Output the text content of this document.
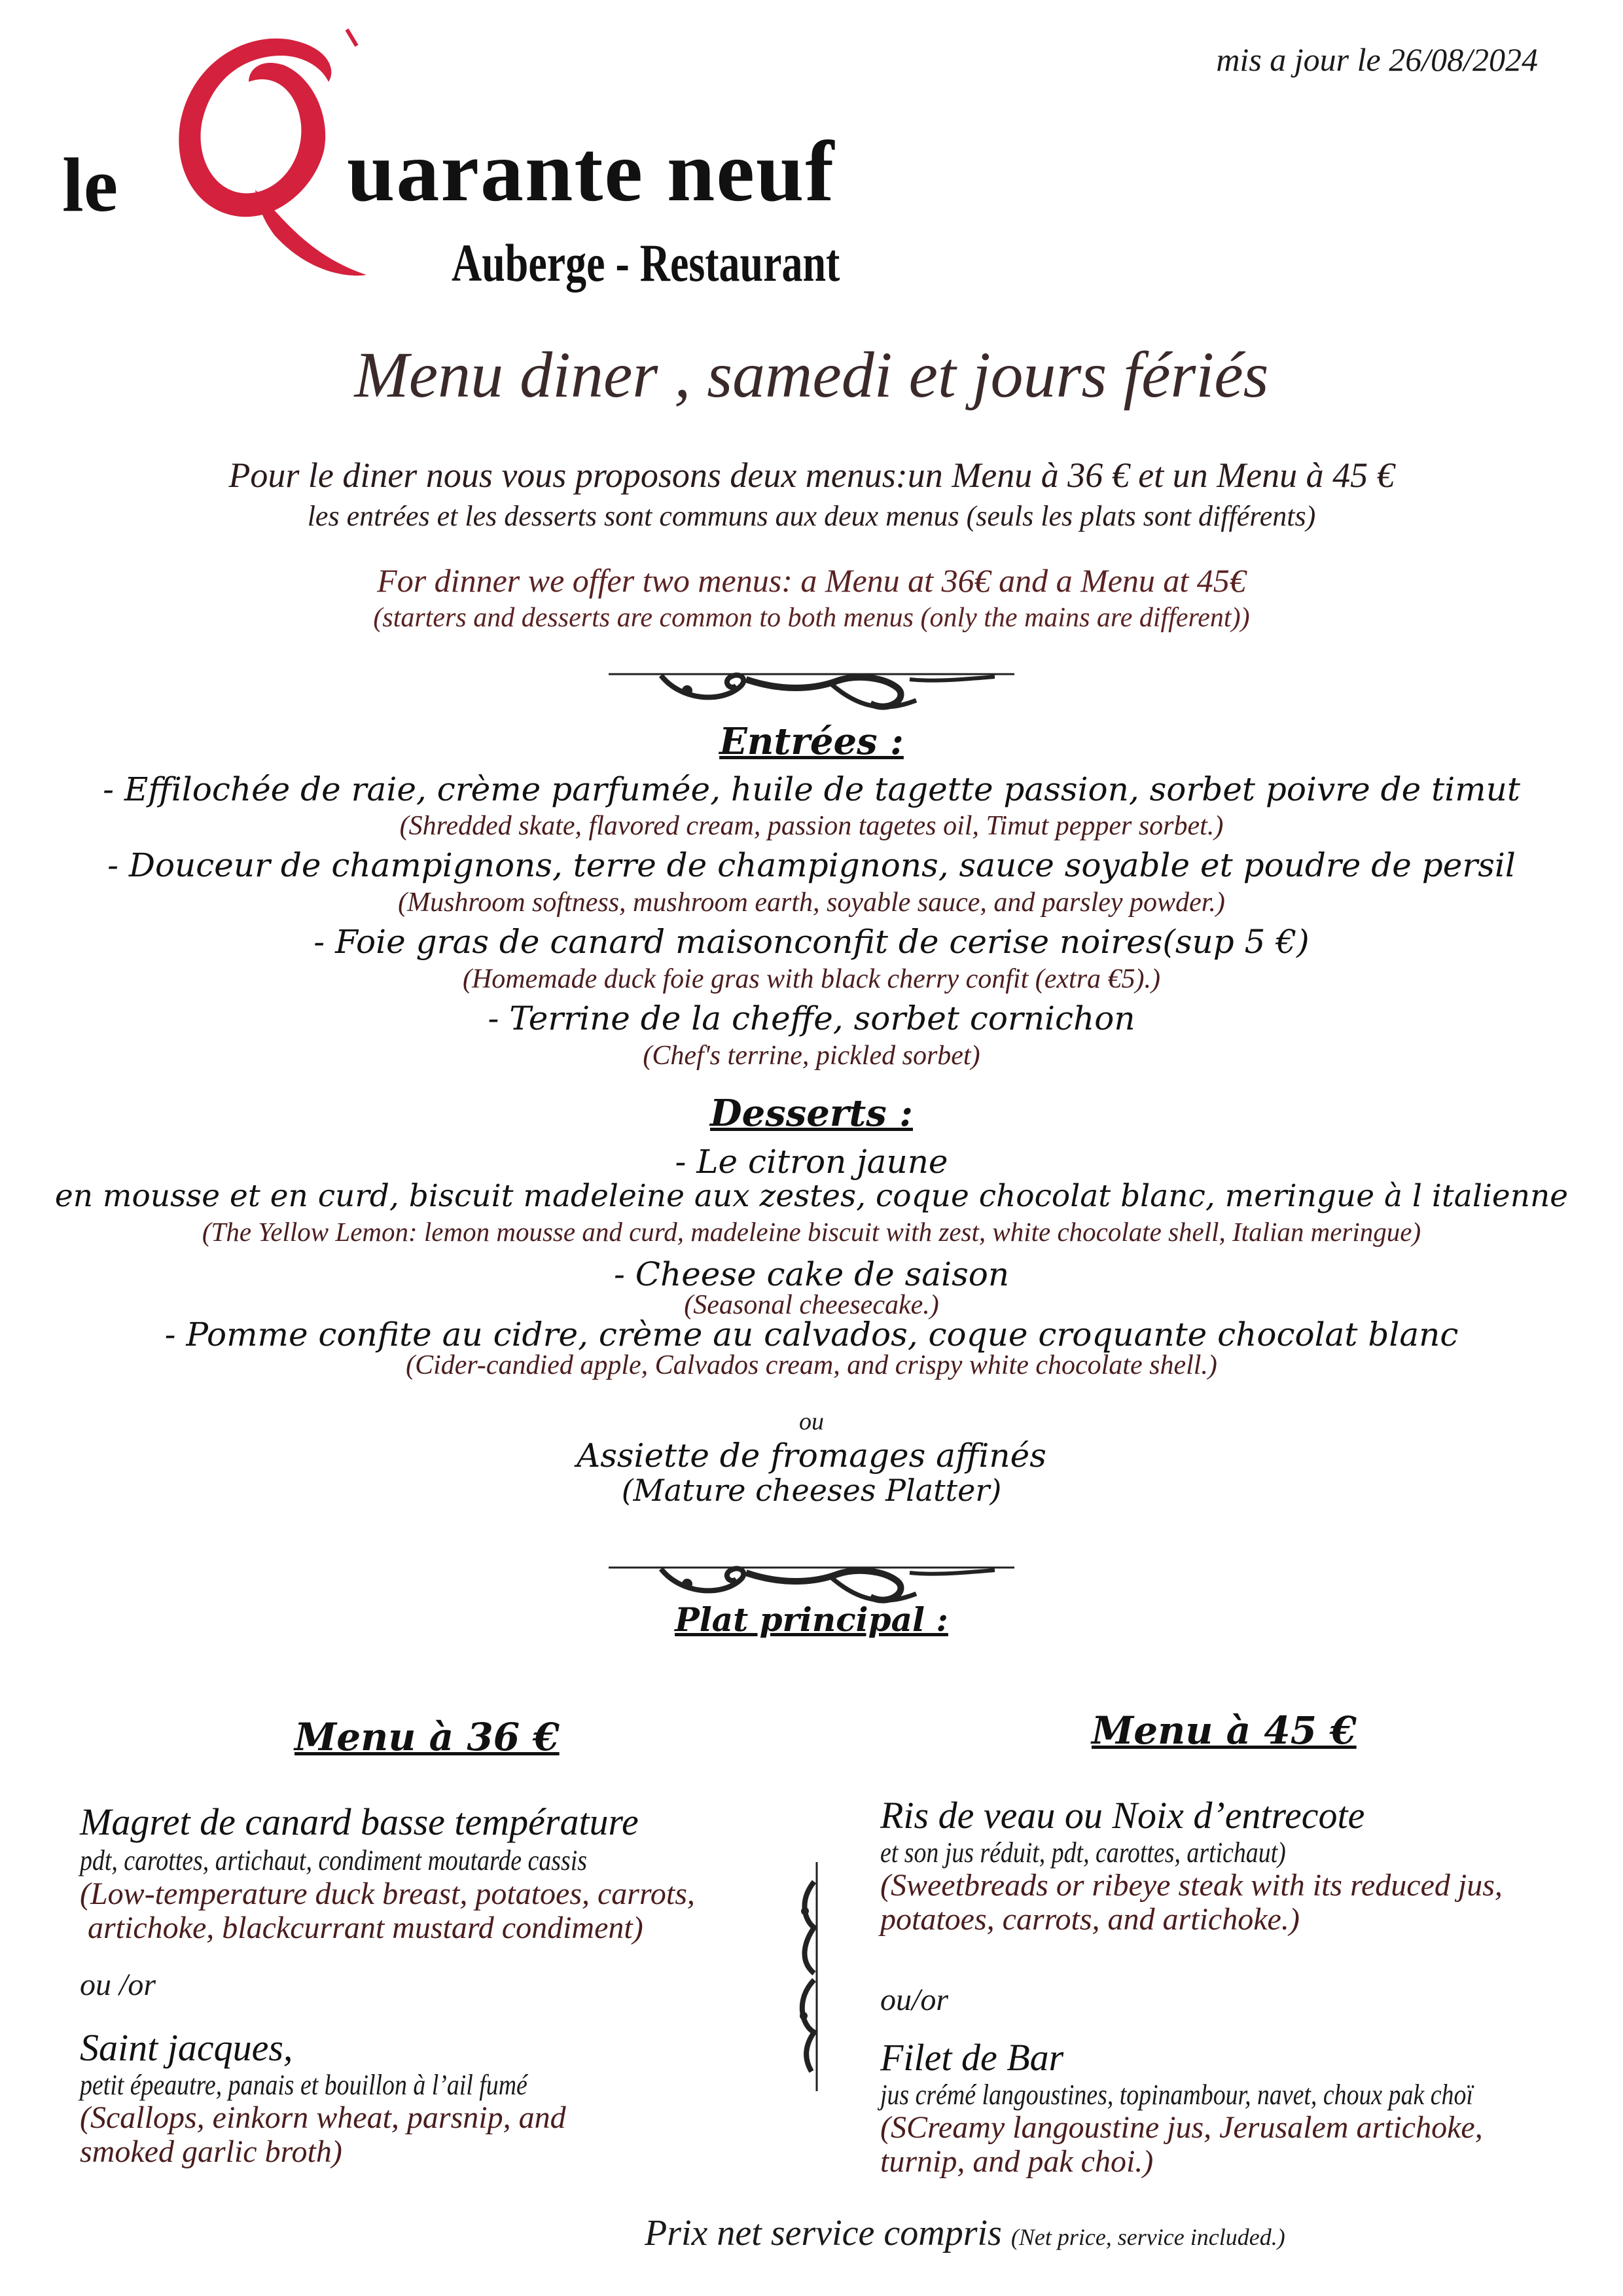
mis a jour le 26/08/2024
le	uarante neuf
Auberge - Restaurant
Menu diner , samedi et jours fériés
Pour le diner nous vous proposons deux menus:un Menu à 36 € et un Menu à 45 €
les entrées et les desserts sont communs aux deux menus (seuls les plats sont différents)
For dinner we offer two menus: a Menu at 36€ and a Menu at 45€
(starters and desserts are common to both menus (only the mains are different))
Entrées :
- Effilochée de raie, crème parfumée, huile de tagette passion, sorbet poivre de timut
(Shredded skate, flavored cream, passion tagetes oil, Timut pepper sorbet.)
- Douceur de champignons, terre de champignons, sauce soyable et poudre de persil
(Mushroom softness, mushroom earth, soyable sauce, and parsley powder.)
- Foie gras de canard maisonconfit de cerise noires(sup 5 €)
(Homemade duck foie gras with black cherry confit (extra €5).)
- Terrine de la cheffe, sorbet cornichon
(Chef's terrine, pickled sorbet)
Desserts :
- Le citron jaune
en mousse et en curd, biscuit madeleine aux zestes, coque chocolat blanc, meringue à l italienne
(The Yellow Lemon: lemon mousse and curd, madeleine biscuit with zest, white chocolate shell, Italian meringue)
- Cheese cake de saison
(Seasonal cheesecake.)
- Pomme confite au cidre, crème au calvados, coque croquante chocolat blanc
(Cider-candied apple, Calvados cream, and crispy white chocolate shell.)
ou
Assiette de fromages affinés
(Mature cheeses Platter)
Plat principal :
Menu à 36 €
Magret de canard basse température
pdt, carottes, artichaut, condiment moutarde cassis
(Low-temperature duck breast, potatoes, carrots,
artichoke, blackcurrant mustard condiment)
ou /or
Saint jacques,
petit épeautre, panais et bouillon à l’ail fumé
(Scallops, einkorn wheat, parsnip, and
smoked garlic broth)
Menu à 45 €
Ris de veau ou Noix d’entrecote
et son jus réduit, pdt, carottes, artichaut)
(Sweetbreads or ribeye steak with its reduced jus,
potatoes, carrots, and artichoke.)
ou/or
Filet de Bar
jus crémé langoustines, topinambour, navet, choux pak choï
(SCreamy langoustine jus, Jerusalem artichoke,
turnip, and pak choi.)
Prix net service compris (Net price, service included.)
